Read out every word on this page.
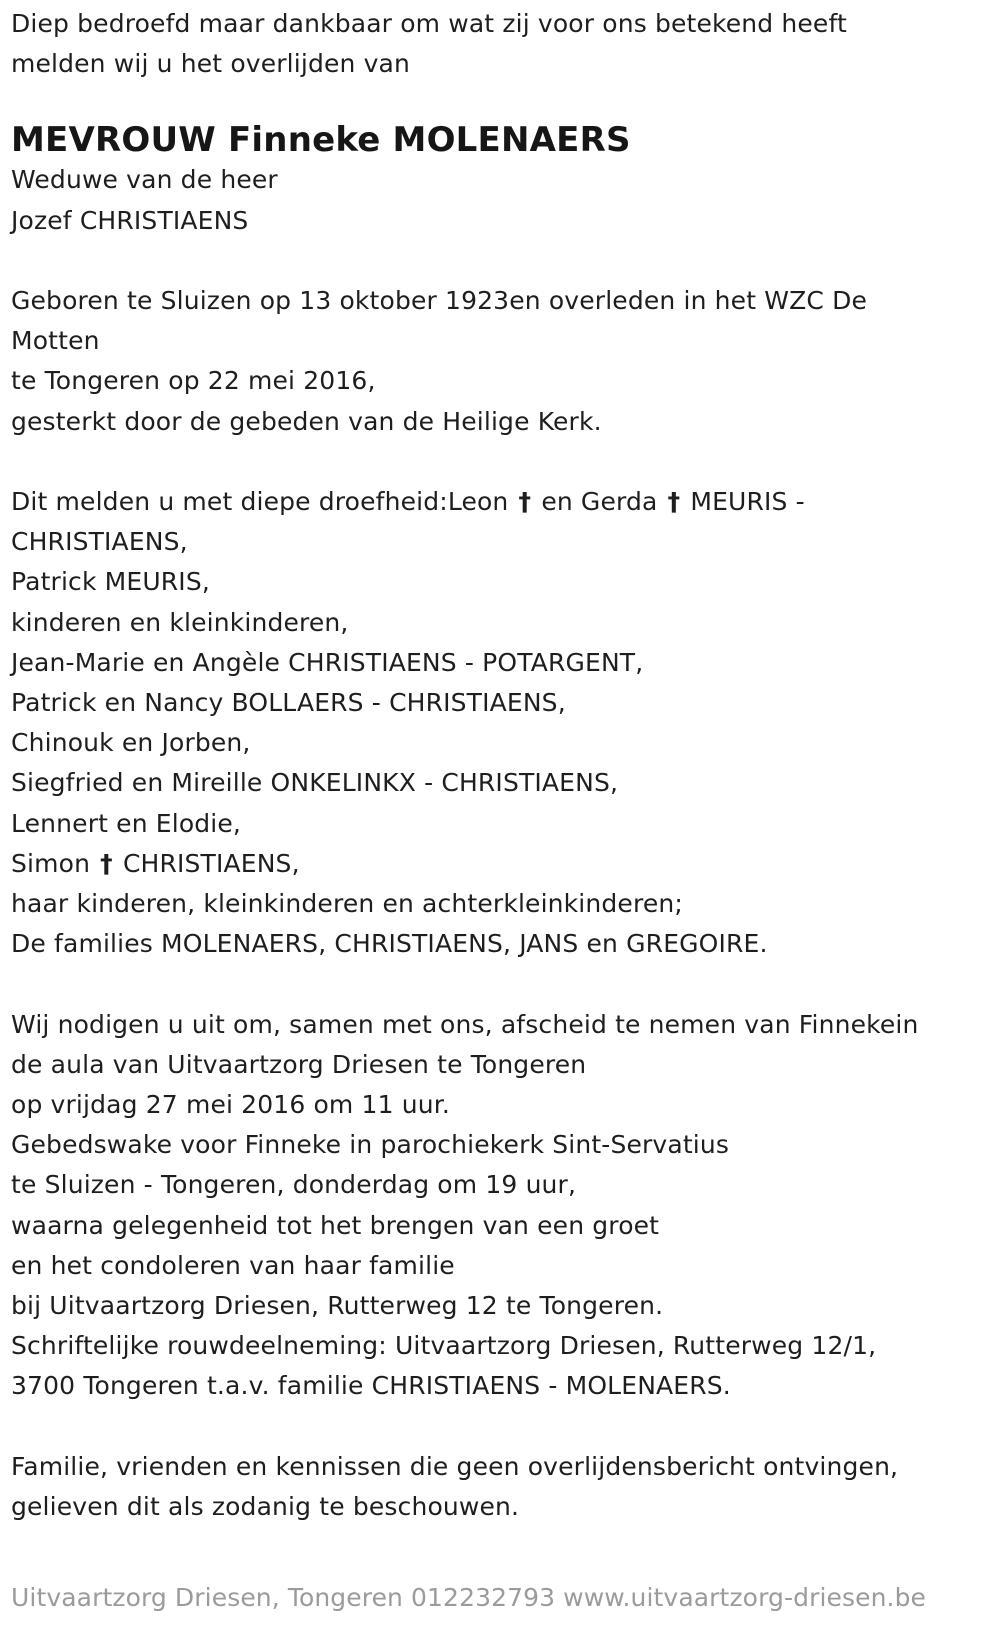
Diep bedroefd maar dankbaar om wat zij voor ons betekend heeft
melden wij u het overlijden van
MEVROUW Finneke MOLENAERS
Weduwe van de heer
Jozef CHRISTIAENS
Geboren te Sluizen op 13 oktober 1923en overleden in het WZC De
Motten
te Tongeren op 22 mei 2016,
gesterkt door de gebeden van de Heilige Kerk.
Dit melden u met diepe droefheid:Leon † en Gerda † MEURIS -
CHRISTIAENS,
Patrick MEURIS,
kinderen en kleinkinderen,
Jean-Marie en Angèle CHRISTIAENS - POTARGENT,
Patrick en Nancy BOLLAERS - CHRISTIAENS,
Chinouk en Jorben,
Siegfried en Mireille ONKELINKX - CHRISTIAENS,
Lennert en Elodie,
Simon † CHRISTIAENS,
haar kinderen, kleinkinderen en achterkleinkinderen;
De families MOLENAERS, CHRISTIAENS, JANS en GREGOIRE.
Wij nodigen u uit om, samen met ons, afscheid te nemen van Finnekein
de aula van Uitvaartzorg Driesen te Tongeren
op vrijdag 27 mei 2016 om 11 uur.
Gebedswake voor Finneke in parochiekerk Sint-Servatius
te Sluizen - Tongeren, donderdag om 19 uur,
waarna gelegenheid tot het brengen van een groet
en het condoleren van haar familie
bij Uitvaartzorg Driesen, Rutterweg 12 te Tongeren.
Schriftelijke rouwdeelneming: Uitvaartzorg Driesen, Rutterweg 12/1,
3700 Tongeren t.a.v. familie CHRISTIAENS - MOLENAERS.
Familie, vrienden en kennissen die geen overlijdensbericht ontvingen,
gelieven dit als zodanig te beschouwen.
Uitvaartzorg Driesen, Tongeren 012232793 www.uitvaartzorg-driesen.be
